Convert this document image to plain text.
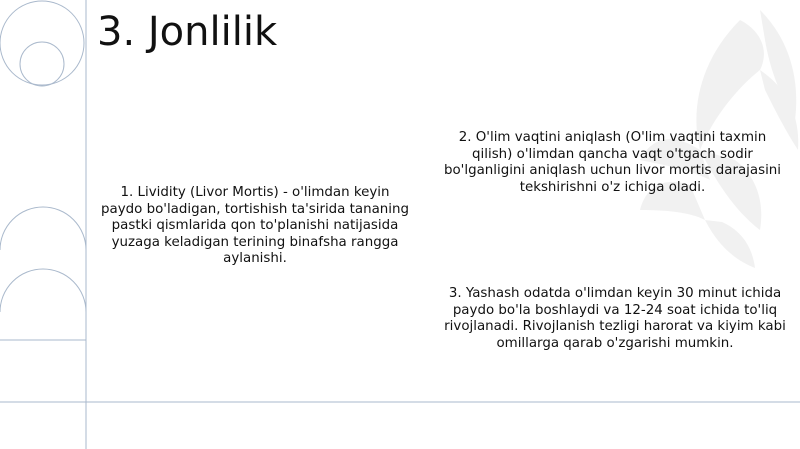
3. Jonlilik

1. Lividity (Livor Mortis) - o'limdan keyin paydo bo'ladigan, tortishish ta'sirida tananing pastki qismlarida qon to'planishi natijasida yuzaga keladigan terining binafsha rangga aylanishi.

2. O'lim vaqtini aniqlash (O'lim vaqtini taxmin qilish) o'limdan qancha vaqt o'tgach sodir bo'lganligini aniqlash uchun livor mortis darajasini tekshirishni o'z ichiga oladi.

3. Yashash odatda o'limdan keyin 30 minut ichida paydo bo'la boshlaydi va 12-24 soat ichida to'liq rivojlanadi. Rivojlanish tezligi harorat va kiyim kabi omillarga qarab o'zgarishi mumkin.
